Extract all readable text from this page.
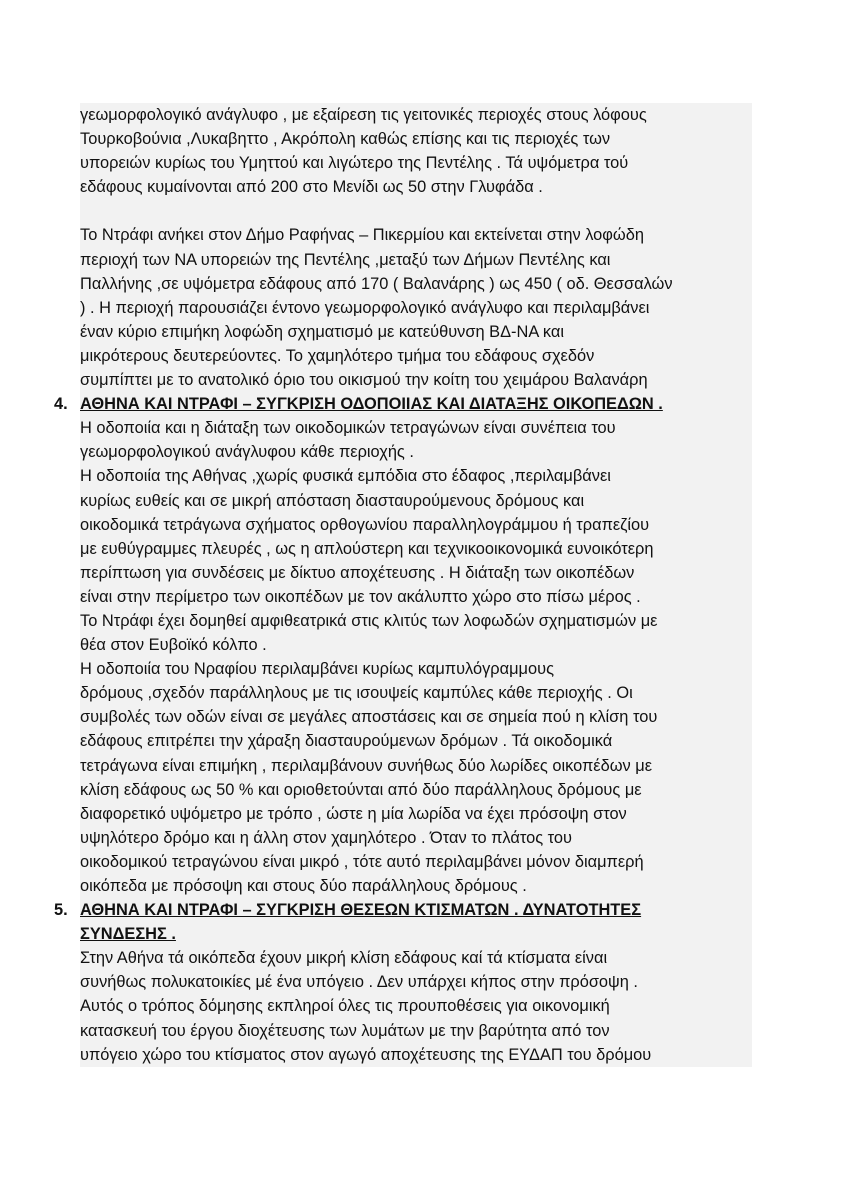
γεωμορφολογικό ανάγλυφο , με εξαίρεση τις γειτονικές περιοχές στους λόφους
Τουρκοβούνια ,Λυκαβηττο , Ακρόπολη καθώς επίσης και τις περιοχές των
υπορειών κυρίως του Υμηττού και λιγώτερο της Πεντέλης . Τά υψόμετρα τού
εδάφους κυμαίνονται από 200 στο Μενίδι ως 50 στην Γλυφάδα .
Το Ντράφι ανήκει στον Δήμο Ραφήνας – Πικερμίου και εκτείνεται στην λοφώδη
περιοχή των ΝΑ υπορειών της Πεντέλης ,μεταξύ των Δήμων Πεντέλης και
Παλλήνης ,σε υψόμετρα εδάφους από 170 ( Βαλανάρης ) ως 450 ( οδ. Θεσσαλών
) . Η περιοχή παρουσιάζει έντονο γεωμορφολογικό ανάγλυφο και περιλαμβάνει
έναν κύριο επιμήκη λοφώδη σχηματισμό με κατεύθυνση ΒΔ-ΝΑ και
μικρότερους δευτερεύοντες. Το χαμηλότερο τμήμα του εδάφους σχεδόν
συμπίπτει με το ανατολικό όριο του οικισμού την κοίτη του χειμάρου Βαλανάρη
4. ΑΘΗΝΑ ΚΑΙ ΝΤΡΑΦΙ – ΣΥΓΚΡΙΣΗ ΟΔΟΠΟΙΙΑΣ ΚΑΙ ΔΙΑΤΑΞΗΣ ΟΙΚΟΠΕΔΩΝ .
Η οδοποιία και η διάταξη των οικοδομικών τετραγώνων είναι συνέπεια του
γεωμορφολογικού ανάγλυφου κάθε περιοχής .
Η οδοποιία της Αθήνας ,χωρίς φυσικά εμπόδια στο έδαφος ,περιλαμβάνει
κυρίως ευθείς και σε μικρή απόσταση διασταυρούμενους δρόμους και
οικοδομικά τετράγωνα σχήματος ορθογωνίου παραλληλογράμμου ή τραπεζίου
με ευθύγραμμες πλευρές , ως η απλούστερη και τεχνικοοικονομικά ευνοικότερη
περίπτωση για συνδέσεις με δίκτυο αποχέτευσης . Η διάταξη των οικοπέδων
είναι στην περίμετρο των οικοπέδων με τον ακάλυπτο χώρο στο πίσω μέρος .
Το Ντράφι έχει δομηθεί αμφιθεατρικά στις κλιτύς των λοφωδών σχηματισμών με
θέα στον Ευβοϊκό κόλπο .
Η οδοποιία του Νραφίου περιλαμβάνει κυρίως καμπυλόγραμμους
δρόμους ,σχεδόν παράλληλους με τις ισουψείς καμπύλες κάθε περιοχής . Οι
συμβολές των οδών είναι σε μεγάλες αποστάσεις και σε σημεία πού η κλίση του
εδάφους επιτρέπει την χάραξη διασταυρούμενων δρόμων . Τά οικοδομικά
τετράγωνα είναι επιμήκη , περιλαμβάνουν συνήθως δύο λωρίδες οικοπέδων με
κλίση εδάφους ως 50 % και οριοθετούνται από δύο παράλληλους δρόμους με
διαφορετικό υψόμετρο με τρόπο , ώστε η μία λωρίδα να έχει πρόσοψη στον
υψηλότερο δρόμο και η άλλη στον χαμηλότερο . Όταν το πλάτος του
οικοδομικού τετραγώνου είναι μικρό , τότε αυτό περιλαμβάνει μόνον διαμπερή
οικόπεδα με πρόσοψη και στους δύο παράλληλους δρόμους .
5. ΑΘΗΝΑ ΚΑΙ ΝΤΡΑΦΙ – ΣΥΓΚΡΙΣΗ ΘΕΣΕΩΝ ΚΤΙΣΜΑΤΩΝ . ΔΥΝΑΤΟΤΗΤΕΣ
ΣΥΝΔΕΣΗΣ .
Στην Αθήνα τά οικόπεδα έχουν μικρή κλίση εδάφους καί τά κτίσματα είναι
συνήθως πολυκατοικίες μέ ένα υπόγειο . Δεν υπάρχει κήπος στην πρόσοψη .
Αυτός ο τρόπος δόμησης εκπληροί όλες τις προυποθέσεις για οικονομική
κατασκευή του έργου διοχέτευσης των λυμάτων με την βαρύτητα από τον
υπόγειο χώρο του κτίσματος στον αγωγό αποχέτευσης της ΕΥΔΑΠ του δρόμου
